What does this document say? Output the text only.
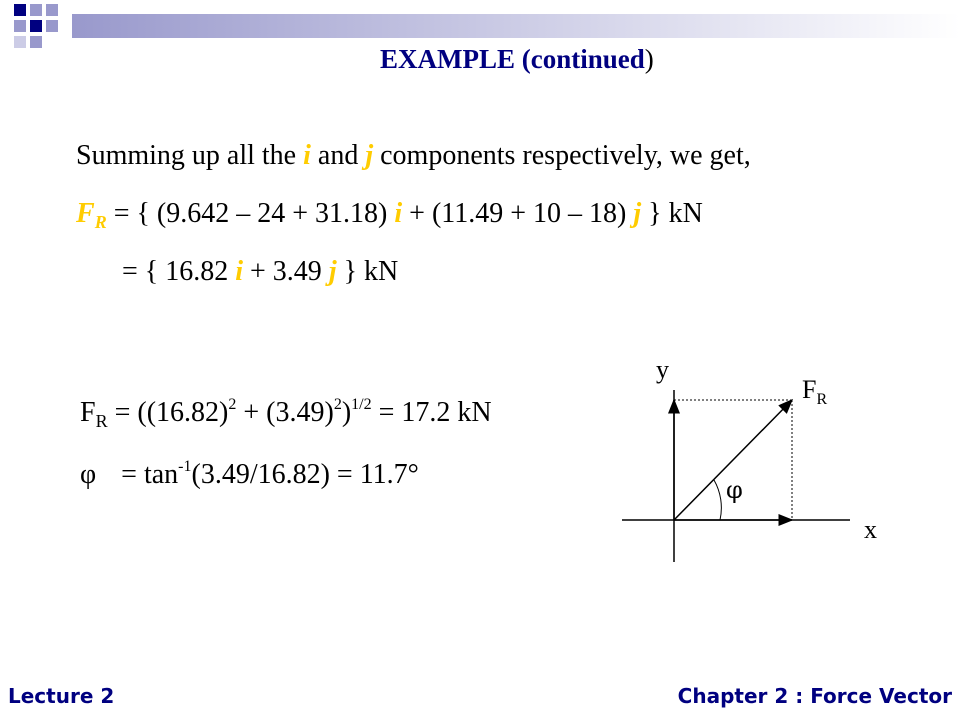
EXAMPLE (continued)
Summing up all the i and j components respectively, we get,
$F_R$ = { (9.642 – 24 + 31.18) i + (11.49 + 10 – 18) j } kN
= { 16.82 i + 3.49 j } kN
$F_R = ((16.82)^2 + (3.49)^2)^{1/2} = 17.2$ kN
$\varphi = \tan^{-1}(3.49/16.82) = 11.7^\circ$
y
x
$F_R$
φ
Lecture 2	Chapter 2 : Force Vector
